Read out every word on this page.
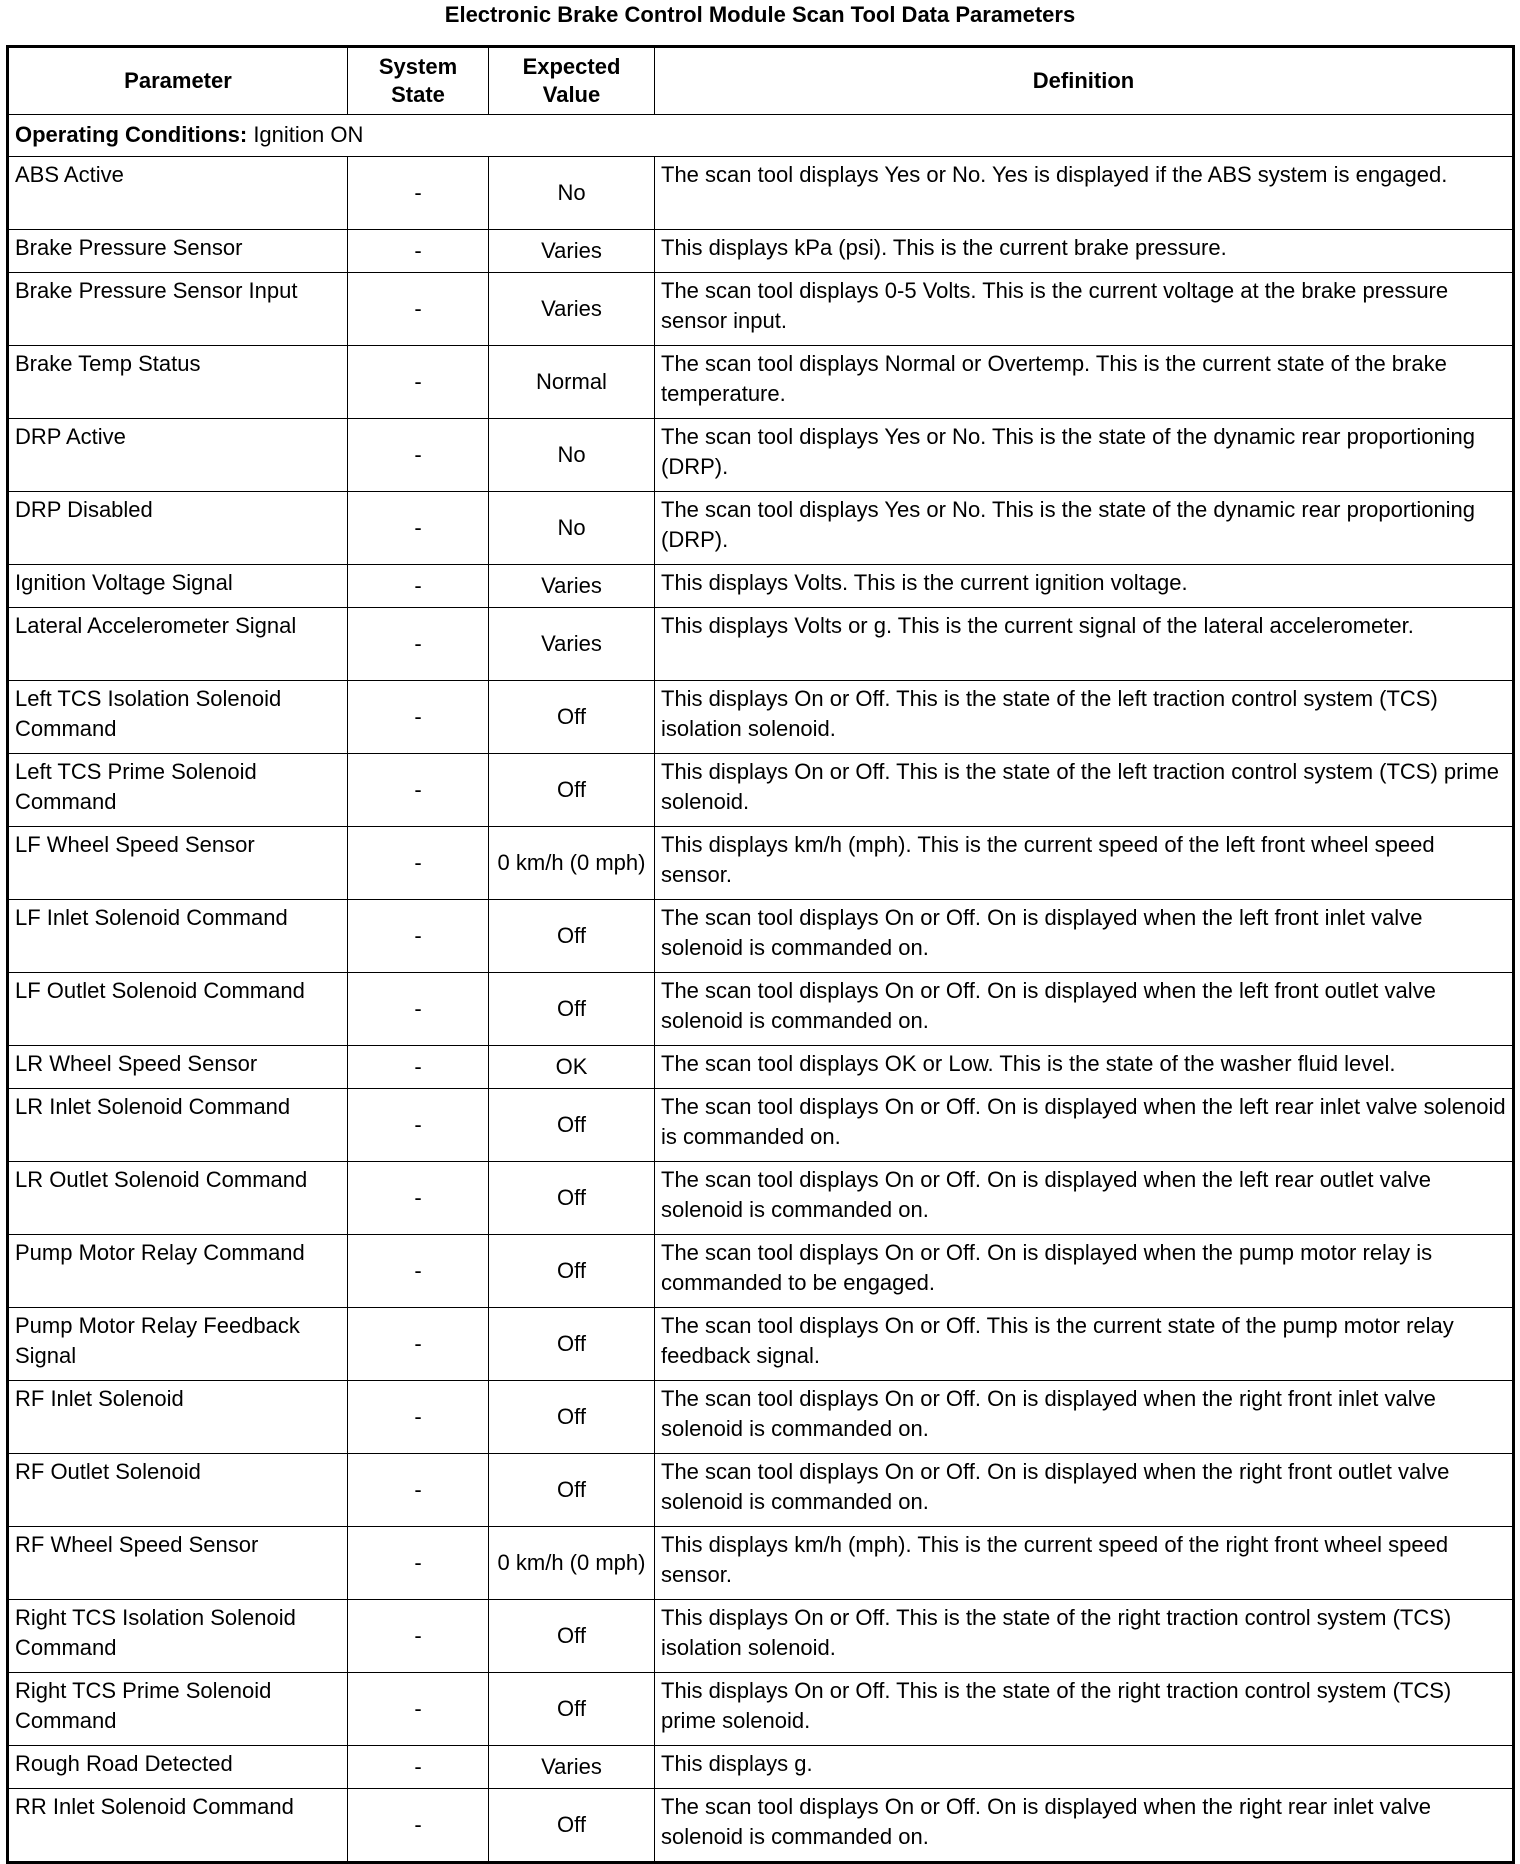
Electronic Brake Control Module Scan Tool Data Parameters
Parameter	System State	Expected Value	Definition
Operating Conditions: Ignition ON			
ABS Active	-	No	The scan tool displays Yes or No. Yes is displayed if the ABS system is engaged.
Brake Pressure Sensor	-	Varies	This displays kPa (psi). This is the current brake pressure.
Brake Pressure Sensor Input	-	Varies	The scan tool displays 0-5 Volts. This is the current voltage at the brake pressure sensor input.
Brake Temp Status	-	Normal	The scan tool displays Normal or Overtemp. This is the current state of the brake temperature.
DRP Active	-	No	The scan tool displays Yes or No. This is the state of the dynamic rear proportioning (DRP).
DRP Disabled	-	No	The scan tool displays Yes or No. This is the state of the dynamic rear proportioning (DRP).
Ignition Voltage Signal	-	Varies	This displays Volts. This is the current ignition voltage.
Lateral Accelerometer Signal	-	Varies	This displays Volts or g. This is the current signal of the lateral accelerometer.
Left TCS Isolation Solenoid Command	-	Off	This displays On or Off. This is the state of the left traction control system (TCS) isolation solenoid.
Left TCS Prime Solenoid Command	-	Off	This displays On or Off. This is the state of the left traction control system (TCS) prime solenoid.
LF Wheel Speed Sensor	-	0 km/h (0 mph)	This displays km/h (mph). This is the current speed of the left front wheel speed sensor.
LF Inlet Solenoid Command	-	Off	The scan tool displays On or Off. On is displayed when the left front inlet valve solenoid is commanded on.
LF Outlet Solenoid Command	-	Off	The scan tool displays On or Off. On is displayed when the left front outlet valve solenoid is commanded on.
LR Wheel Speed Sensor	-	OK	The scan tool displays OK or Low. This is the state of the washer fluid level.
LR Inlet Solenoid Command	-	Off	The scan tool displays On or Off. On is displayed when the left rear inlet valve solenoid is commanded on.
LR Outlet Solenoid Command	-	Off	The scan tool displays On or Off. On is displayed when the left rear outlet valve solenoid is commanded on.
Pump Motor Relay Command	-	Off	The scan tool displays On or Off. On is displayed when the pump motor relay is commanded to be engaged.
Pump Motor Relay Feedback Signal	-	Off	The scan tool displays On or Off. This is the current state of the pump motor relay feedback signal.
RF Inlet Solenoid	-	Off	The scan tool displays On or Off. On is displayed when the right front inlet valve solenoid is commanded on.
RF Outlet Solenoid	-	Off	The scan tool displays On or Off. On is displayed when the right front outlet valve solenoid is commanded on.
RF Wheel Speed Sensor	-	0 km/h (0 mph)	This displays km/h (mph). This is the current speed of the right front wheel speed sensor.
Right TCS Isolation Solenoid Command	-	Off	This displays On or Off. This is the state of the right traction control system (TCS) isolation solenoid.
Right TCS Prime Solenoid Command	-	Off	This displays On or Off. This is the state of the right traction control system (TCS) prime solenoid.
Rough Road Detected	-	Varies	This displays g.
RR Inlet Solenoid Command	-	Off	The scan tool displays On or Off. On is displayed when the right rear inlet valve solenoid is commanded on.
